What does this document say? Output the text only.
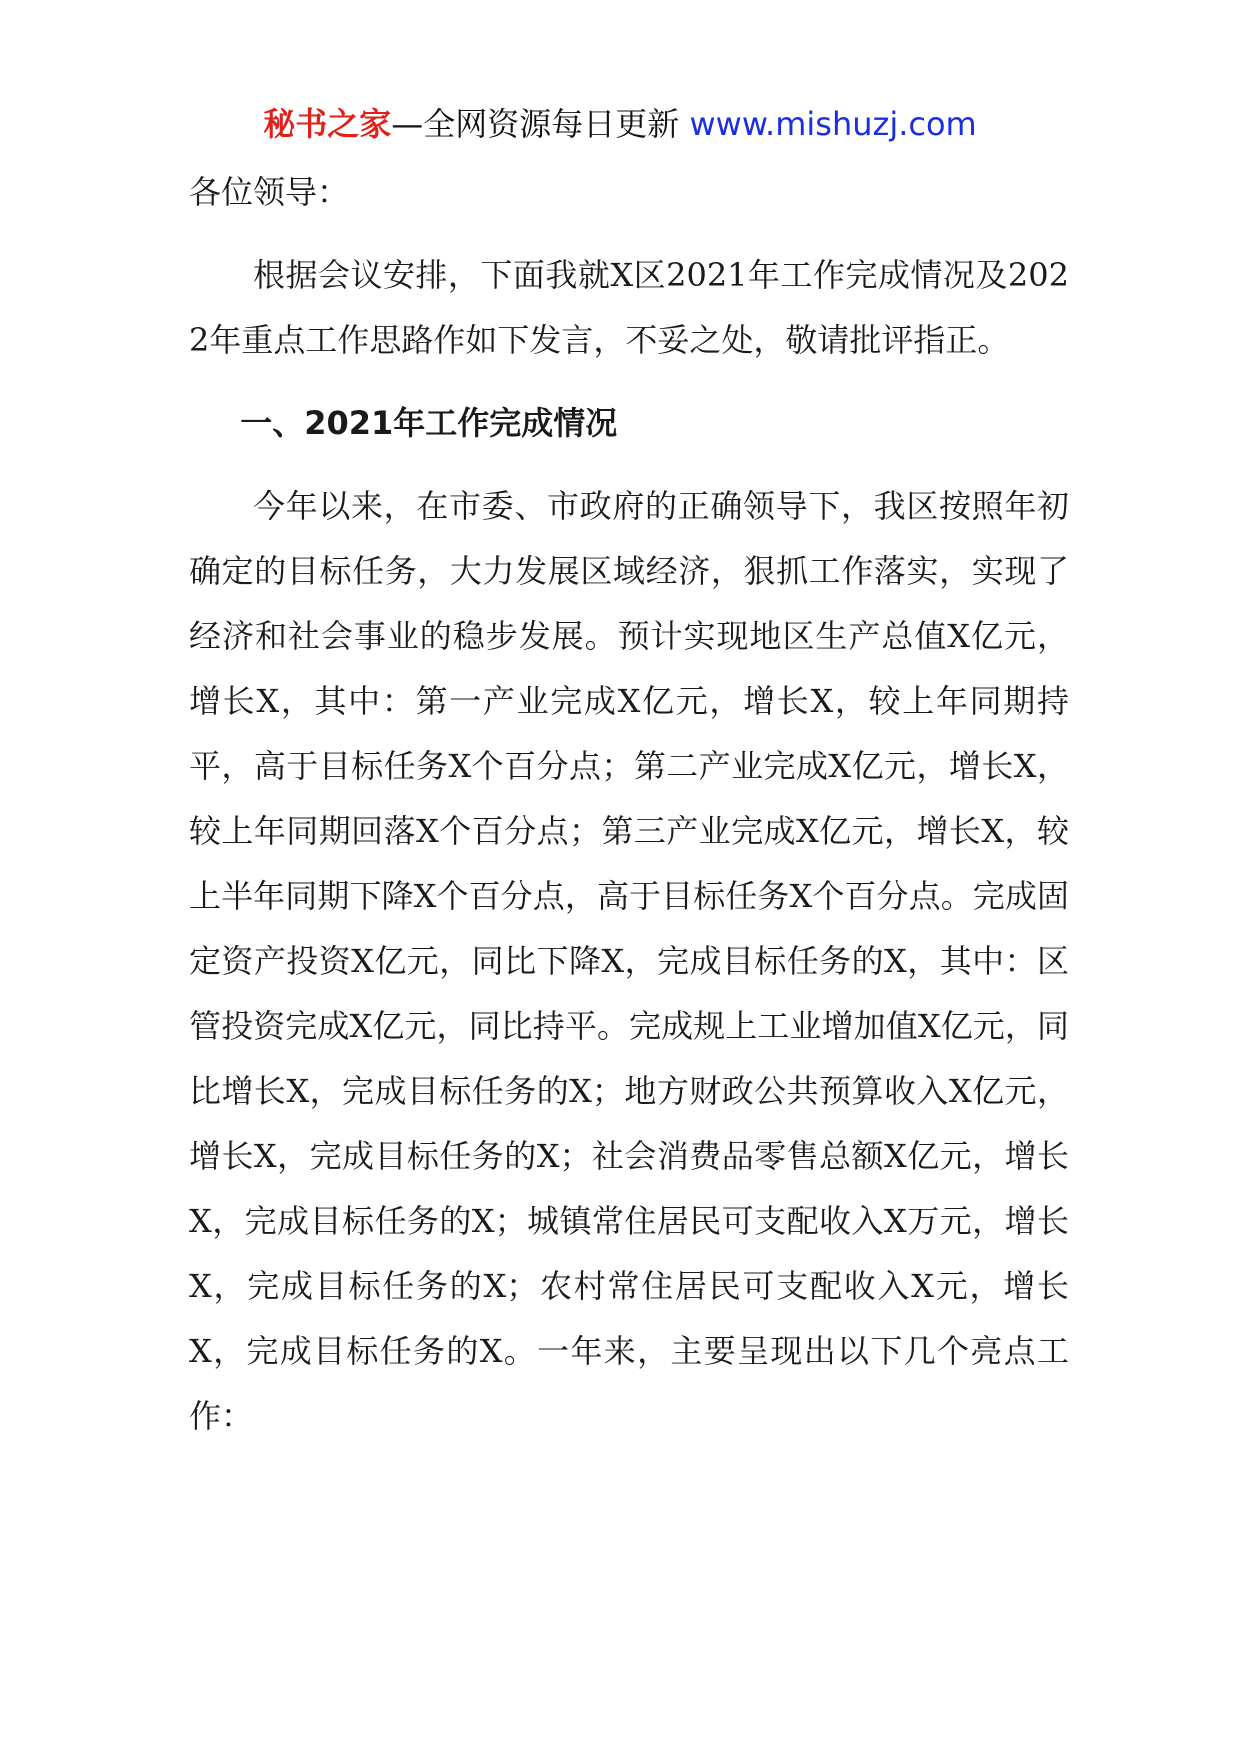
秘书之家—全网资源每日更新 www.mishuzj.com

各位领导：

根据会议安排，下面我就X区2021年工作完成情况及2022年重点工作思路作如下发言，不妥之处，敬请批评指正。

一、2021年工作完成情况

今年以来，在市委、市政府的正确领导下，我区按照年初确定的目标任务，大力发展区域经济，狠抓工作落实，实现了经济和社会事业的稳步发展。预计实现地区生产总值X亿元，增长X，其中：第一产业完成X亿元，增长X，较上年同期持平，高于目标任务X个百分点；第二产业完成X亿元，增长X，较上年同期回落X个百分点；第三产业完成X亿元，增长X，较上半年同期下降X个百分点，高于目标任务X个百分点。完成固定资产投资X亿元，同比下降X，完成目标任务的X，其中：区管投资完成X亿元，同比持平。完成规上工业增加值X亿元，同比增长X，完成目标任务的X；地方财政公共预算收入X亿元，增长X，完成目标任务的X；社会消费品零售总额X亿元，增长X，完成目标任务的X；城镇常住居民可支配收入X万元，增长X，完成目标任务的X；农村常住居民可支配收入X元，增长X，完成目标任务的X。一年来，主要呈现出以下几个亮点工作：
